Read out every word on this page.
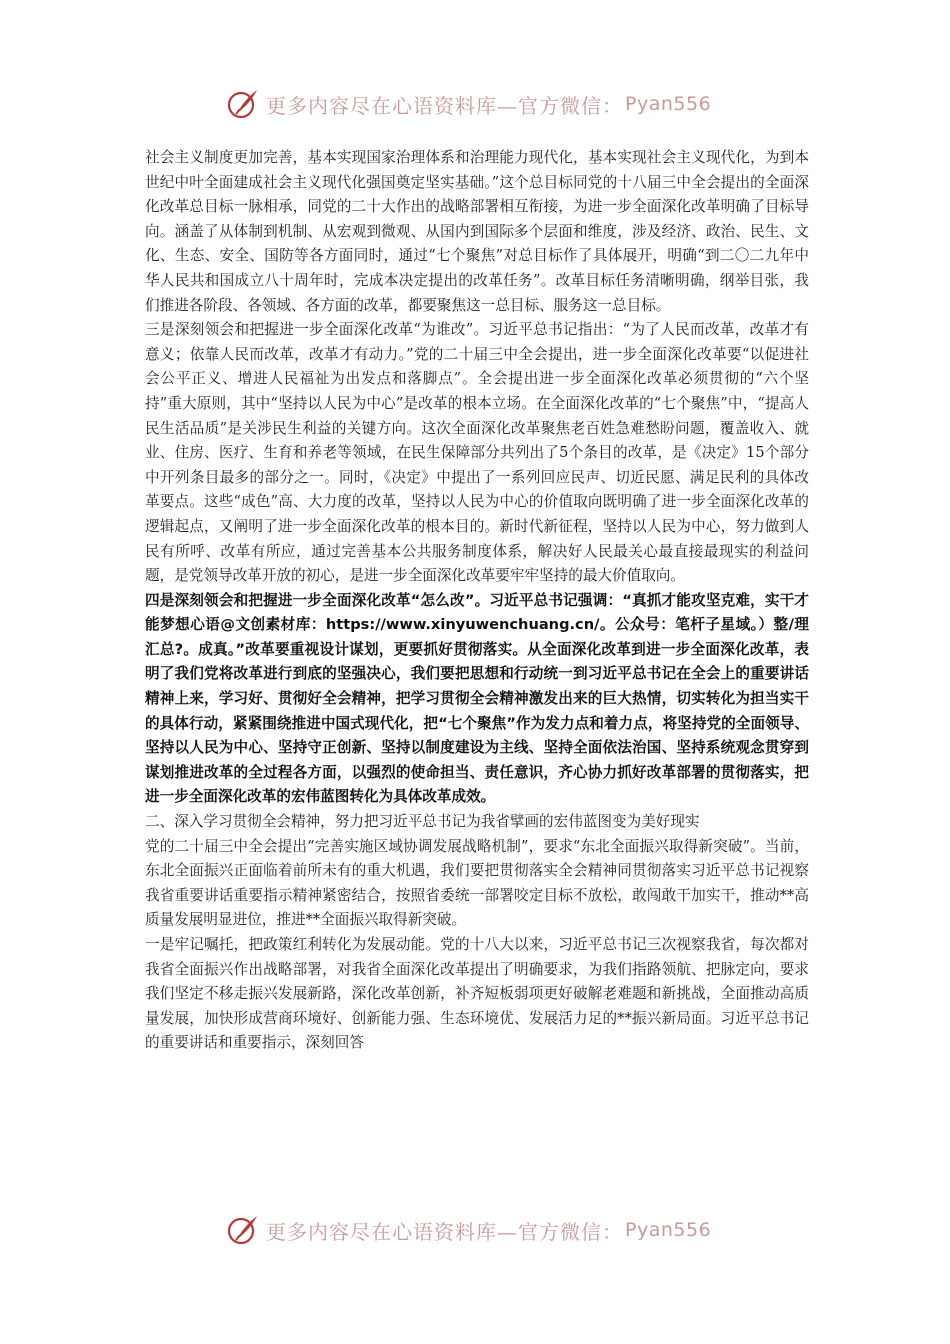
更多内容尽在心语资料库—官方微信： Pyan556

社会主义制度更加完善，基本实现国家治理体系和治理能力现代化，基本实现社会主义现代化，为到本世纪中叶全面建成社会主义现代化强国奠定坚实基础。”这个总目标同党的十八届三中全会提出的全面深化改革总目标一脉相承，同党的二十大作出的战略部署相互衔接，为进一步全面深化改革明确了目标导向。涵盖了从体制到机制、从宏观到微观、从国内到国际多个层面和维度，涉及经济、政治、民生、文化、生态、安全、国防等各方面同时，通过“七个聚焦”对总目标作了具体展开，明确“到二〇二九年中华人民共和国成立八十周年时，完成本决定提出的改革任务”。改革目标任务清晰明确，纲举目张，我们推进各阶段、各领域、各方面的改革，都要聚焦这一总目标、服务这一总目标。

三是深刻领会和把握进一步全面深化改革“为谁改”。习近平总书记指出：“为了人民而改革，改革才有意义；依靠人民而改革，改革才有动力。”党的二十届三中全会提出，进一步全面深化改革要“以促进社会公平正义、增进人民福祉为出发点和落脚点”。全会提出进一步全面深化改革必须贯彻的“六个坚持”重大原则，其中“坚持以人民为中心”是改革的根本立场。在全面深化改革的“七个聚焦”中，“提高人民生活品质”是关涉民生利益的关键方向。这次全面深化改革聚焦老百姓急难愁盼问题，覆盖收入、就业、住房、医疗、生育和养老等领域，在民生保障部分共列出了5个条目的改革，是《决定》15个部分中开列条目最多的部分之一。同时，《决定》中提出了一系列回应民声、切近民愿、满足民利的具体改革要点。这些“成色”高、大力度的改革，坚持以人民为中心的价值取向既明确了进一步全面深化改革的逻辑起点，又阐明了进一步全面深化改革的根本目的。新时代新征程，坚持以人民为中心，努力做到人民有所呼、改革有所应，通过完善基本公共服务制度体系，解决好人民最关心最直接最现实的利益问题，是党领导改革开放的初心，是进一步全面深化改革要牢牢坚持的最大价值取向。

四是深刻领会和把握进一步全面深化改革“怎么改”。习近平总书记强调：“真抓才能攻坚克难，实干才能梦想心语@文创素材库：https://www.xinyuwenchuang.cn/。公众号：笔杆子星域。）整/理汇总?。成真。”改革要重视设计谋划，更要抓好贯彻落实。从全面深化改革到进一步全面深化改革，表明了我们党将改革进行到底的坚强决心，我们要把思想和行动统一到习近平总书记在全会上的重要讲话精神上来，学习好、贯彻好全会精神，把学习贯彻全会精神激发出来的巨大热情，切实转化为担当实干的具体行动，紧紧围绕推进中国式现代化，把“七个聚焦”作为发力点和着力点，将坚持党的全面领导、坚持以人民为中心、坚持守正创新、坚持以制度建设为主线、坚持全面依法治国、坚持系统观念贯穿到谋划推进改革的全过程各方面，以强烈的使命担当、责任意识，齐心协力抓好改革部署的贯彻落实，把进一步全面深化改革的宏伟蓝图转化为具体改革成效。

二、深入学习贯彻全会精神，努力把习近平总书记为我省擘画的宏伟蓝图变为美好现实

党的二十届三中全会提出“完善实施区域协调发展战略机制”，要求“东北全面振兴取得新突破”。当前，东北全面振兴正面临着前所未有的重大机遇，我们要把贯彻落实全会精神同贯彻落实习近平总书记视察我省重要讲话重要指示精神紧密结合，按照省委统一部署咬定目标不放松，敢闯敢干加实干，推动**高质量发展明显进位，推进**全面振兴取得新突破。

一是牢记嘱托，把政策红利转化为发展动能。党的十八大以来，习近平总书记三次视察我省，每次都对我省全面振兴作出战略部署，对我省全面深化改革提出了明确要求，为我们指路领航、把脉定向，要求我们坚定不移走振兴发展新路，深化改革创新，补齐短板弱项更好破解老难题和新挑战，全面推动高质量发展，加快形成营商环境好、创新能力强、生态环境优、发展活力足的**振兴新局面。习近平总书记的重要讲话和重要指示，深刻回答

更多内容尽在心语资料库—官方微信： Pyan556
